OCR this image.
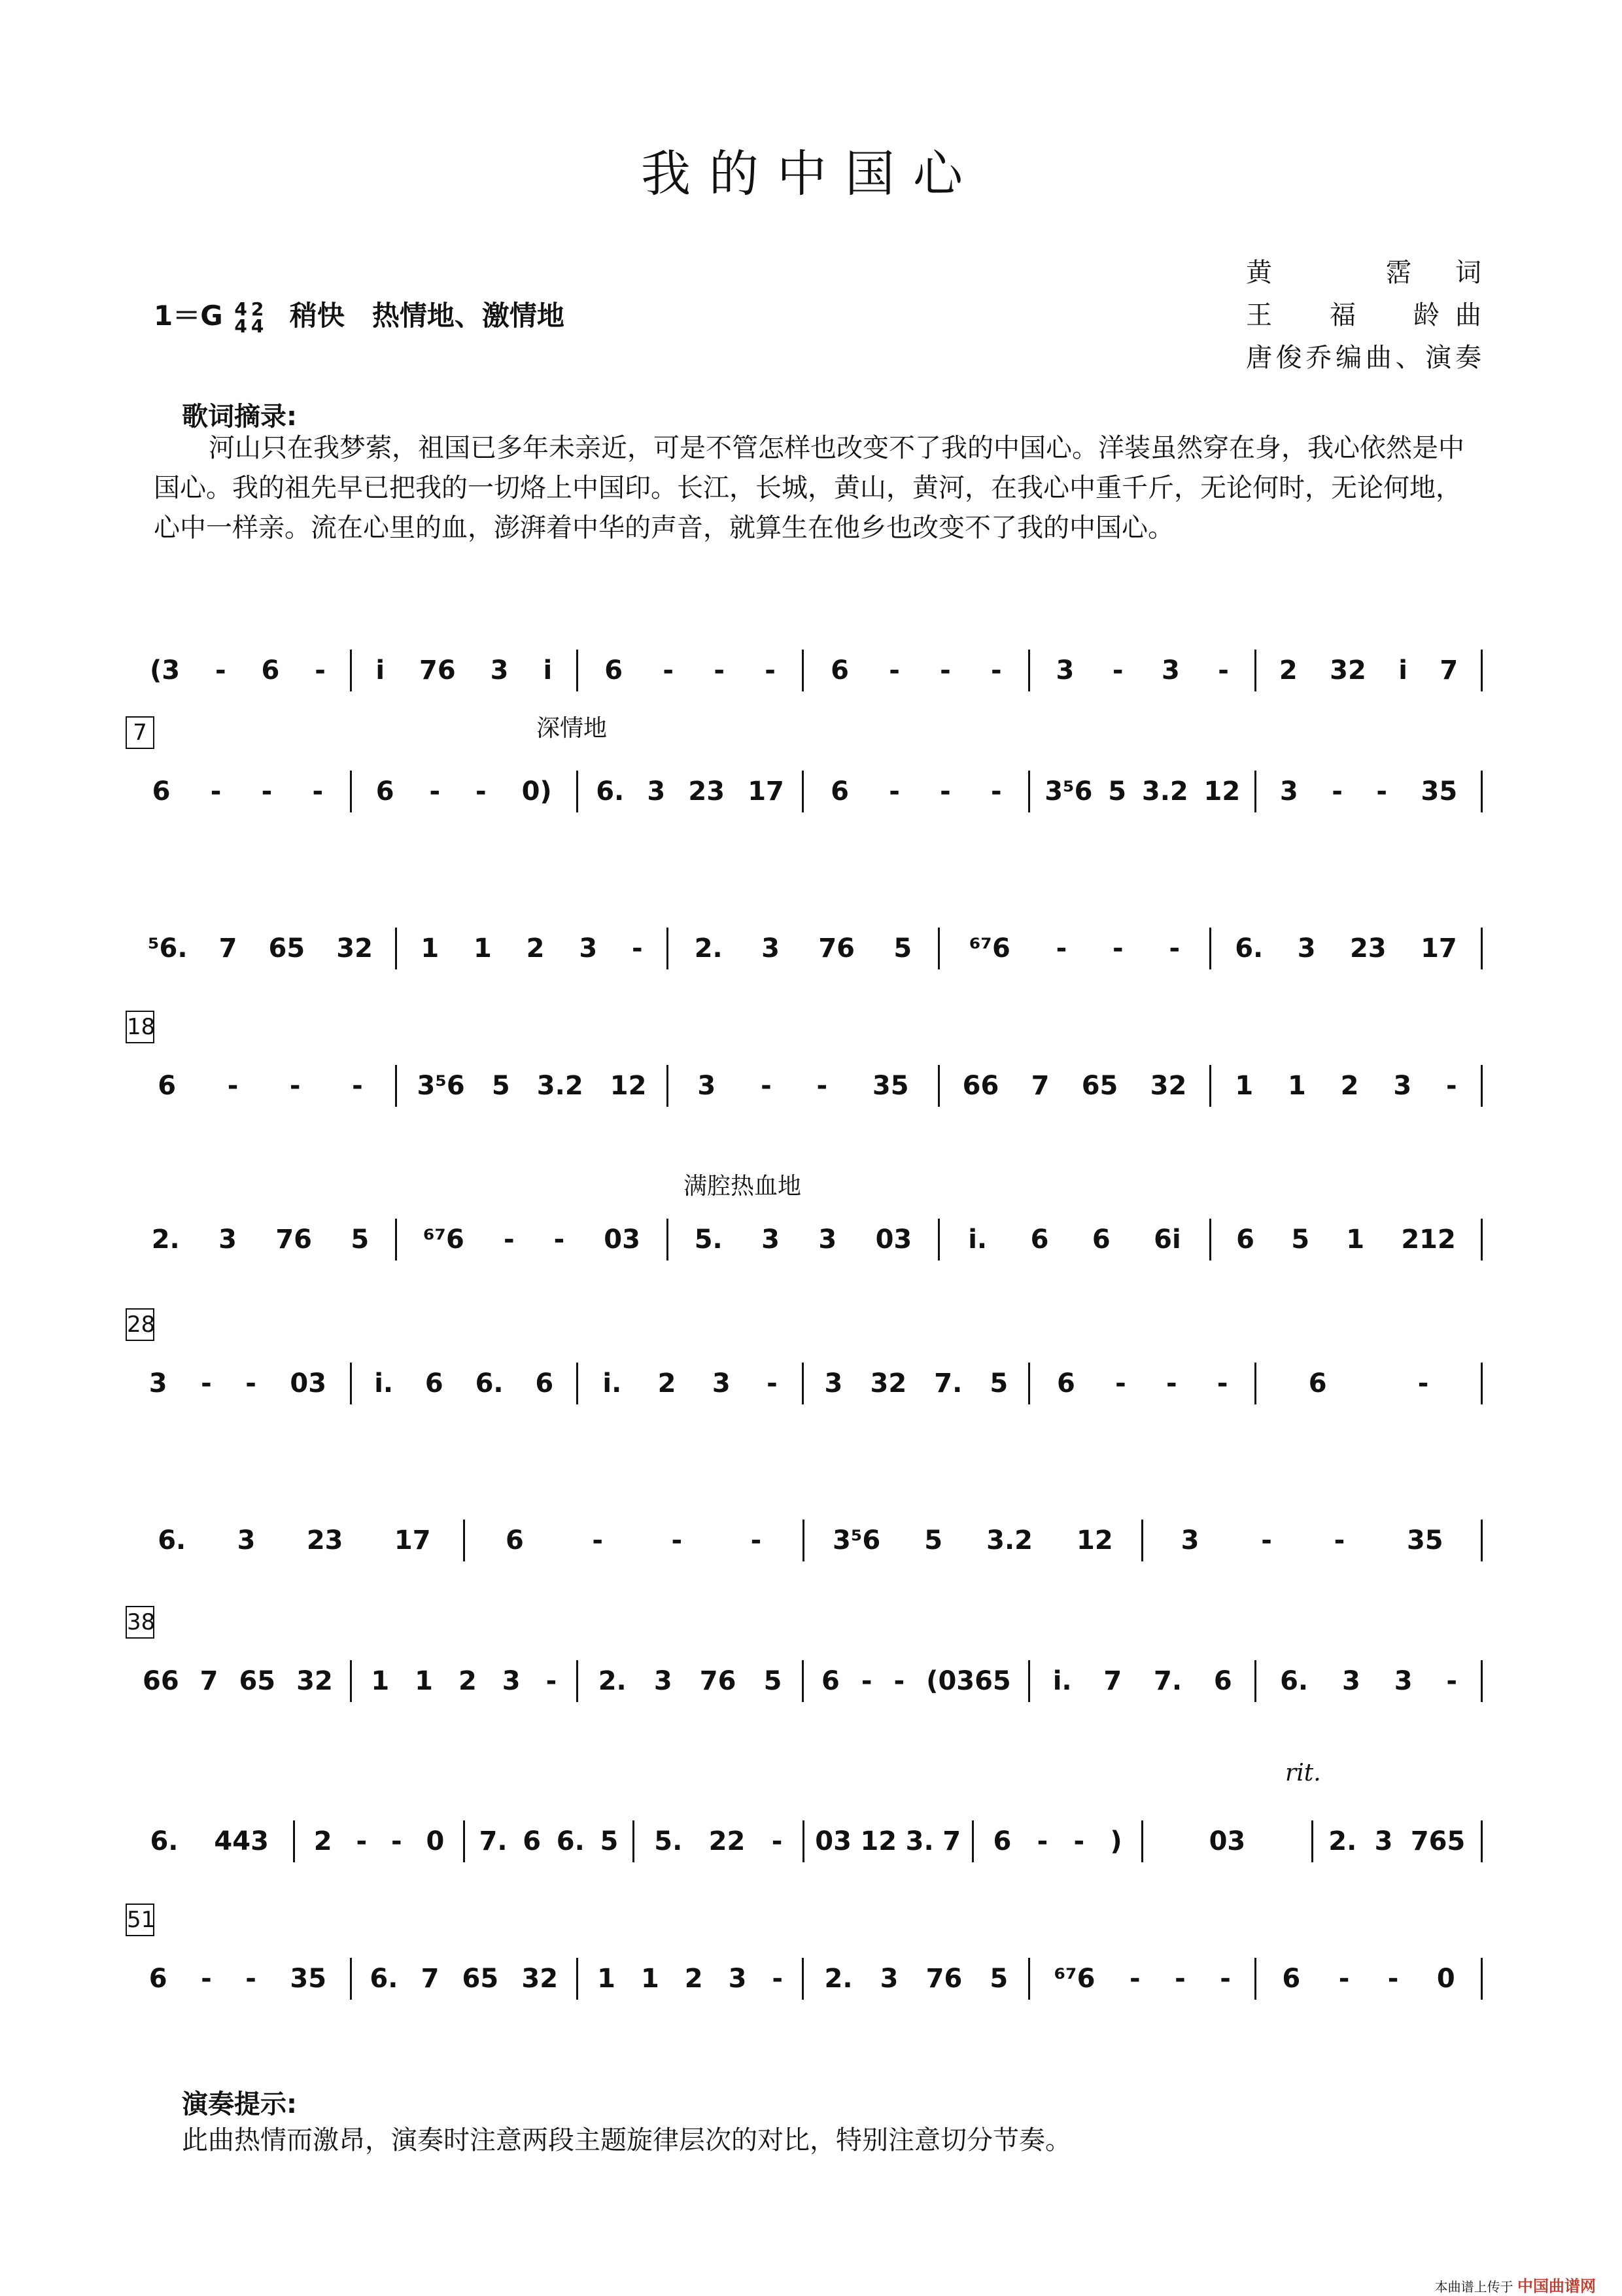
我的中国心
黄　霑词
王　福　龄曲
唐俊乔编曲、演奏
1＝G 4
42
4 稍快　热情地、激情地
歌词摘录:
河山只在我梦萦，祖国已多年未亲近，可是不管怎样也改变不了我的中国心。洋装虽然穿在身，我心依然是中国心。我的祖先早已把我的一切烙上中国印。长江，长城，黄山，黄河，在我心中重千斤，无论何时，无论何地，心中一样亲。流在心里的血，澎湃着中华的声音，就算生在他乡也改变不了我的中国心。
(3 - 6 - i 76 3 i 6 - - - 6 - - - 3 - 3 - 2 32 i 7
7
6 - - - 6 - - 0) 6. 3 23 17 6 - - - 3⁵6 5 3.2 12 3 - - 35
⁵6. 7 65 32 1 1 2 3 - 2. 3 76 5 ⁶⁷6 - - - 6. 3 23 17
18
6 - - - 3⁵6 5 3.2 12 3 - - 35 66 7 65 32 1 1 2 3 -
2. 3 76 5 ⁶⁷6 - - 03 5. 3 3 03 i. 6 6 6i 6 5 1 212
28
3 - - 03 i. 6 6. 6 i. 2 3 - 3 32 7. 5 6 - - -	6	-
6. 3 23 17	6	-	-	-	3⁵6 5 3.2 12	3 - - 35
38
66 7 65 32 1 1 2 3 - 2. 3 76 5 6 - - (0365 i. 7 7. 6 6. 3 3 -
6. 443 2 - - 0 7. 6 6. 5 5. 22 - 03 12 3. 7 6 - - )	03	2. 3 765
51
6 - - 35 6. 7 65 32 1 1 2 3 - 2. 3 76 5 ⁶⁷6 - - - 6 - - 0
深情地
满腔热血地
rit.
演奏提示:
此曲热情而激昂，演奏时注意两段主题旋律层次的对比，特别注意切分节奏。
本曲谱上传于 中国曲谱网
